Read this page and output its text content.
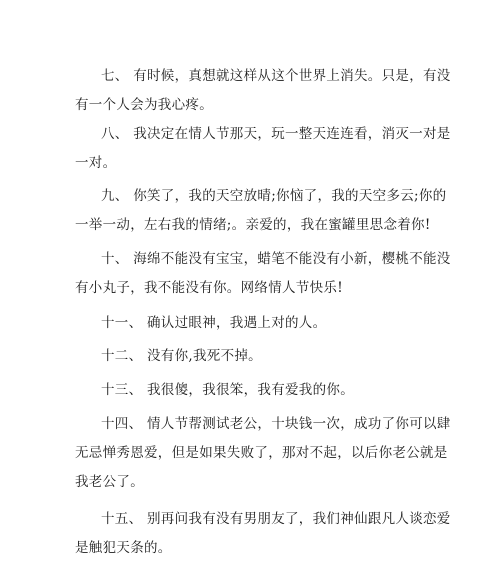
七、 有时候，真想就这样从这个世界上消失。只是，有没
有一个人会为我心疼。

八、 我决定在情人节那天，玩一整天连连看，消灭一对是
一对。

九、 你笑了，我的天空放晴;你恼了，我的天空多云;你的
一举一动，左右我的情绪;。亲爱的，我在蜜罐里思念着你!

十、 海绵不能没有宝宝，蜡笔不能没有小新，樱桃不能没
有小丸子，我不能没有你。网络情人节快乐!

十一、 确认过眼神，我遇上对的人。

十二、 没有你,我死不掉。

十三、 我很傻，我很笨，我有爱我的你。

十四、 情人节帮测试老公，十块钱一次，成功了你可以肆
无忌惮秀恩爱，但是如果失败了，那对不起，以后你老公就是
我老公了。

十五、 别再问我有没有男朋友了，我们神仙跟凡人谈恋爱
是触犯天条的。
